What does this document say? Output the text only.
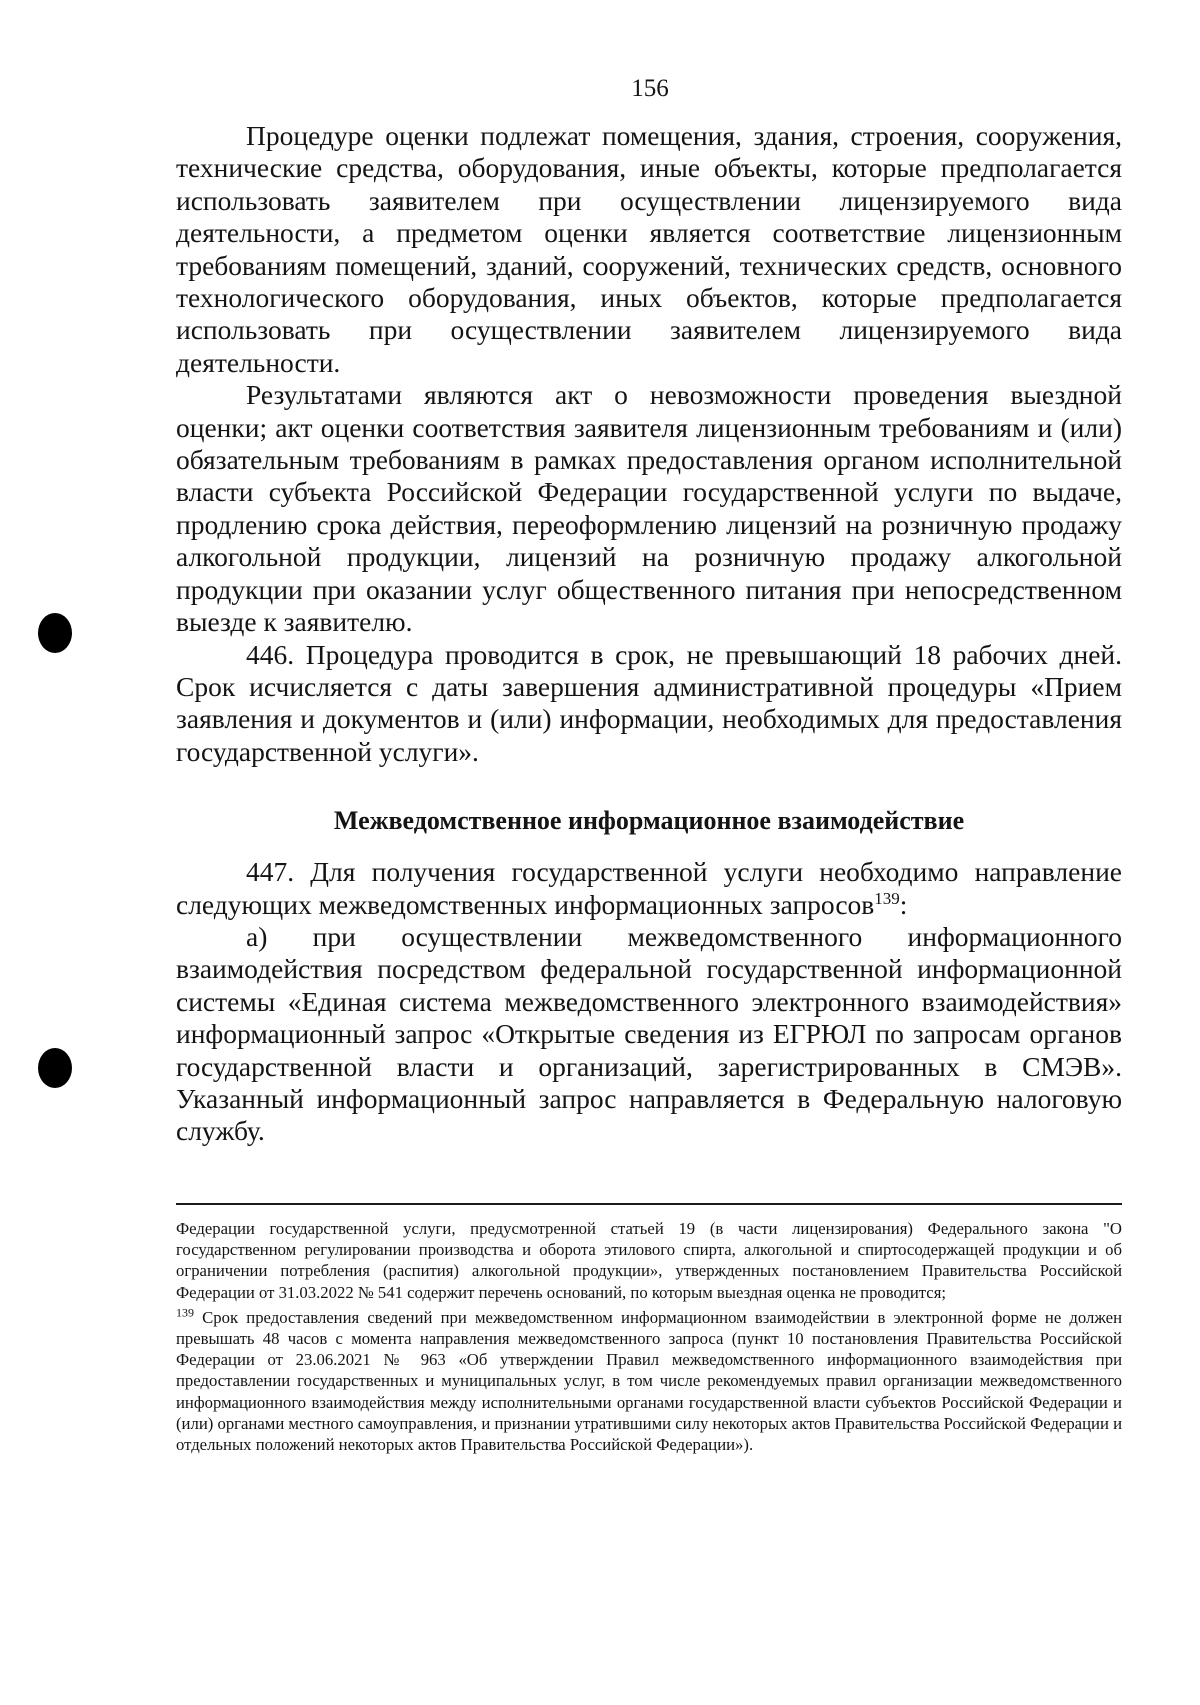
156

Процедуре оценки подлежат помещения, здания, строения, сооружения, технические средства, оборудования, иные объекты, которые предполагается использовать заявителем при осуществлении лицензируемого вида деятельности, а предметом оценки является соответствие лицензионным требованиям помещений, зданий, сооружений, технических средств, основного технологического оборудования, иных объектов, которые предполагается использовать при осуществлении заявителем лицензируемого вида деятельности.

Результатами являются акт о невозможности проведения выездной оценки; акт оценки соответствия заявителя лицензионным требованиям и (или) обязательным требованиям в рамках предоставления органом исполнительной власти субъекта Российской Федерации государственной услуги по выдаче, продлению срока действия, переоформлению лицензий на розничную продажу алкогольной продукции, лицензий на розничную продажу алкогольной продукции при оказании услуг общественного питания при непосредственном выезде к заявителю.

446. Процедура проводится в срок, не превышающий 18 рабочих дней. Срок исчисляется с даты завершения административной процедуры «Прием заявления и документов и (или) информации, необходимых для предоставления государственной услуги».

Межведомственное информационное взаимодействие

447. Для получения государственной услуги необходимо направление следующих межведомственных информационных запросов$^{139}$:

а) при осуществлении межведомственного информационного взаимодействия посредством федеральной государственной информационной системы «Единая система межведомственного электронного взаимодействия» информационный запрос «Открытые сведения из ЕГРЮЛ по запросам органов государственной власти и организаций, зарегистрированных в СМЭВ». Указанный информационный запрос направляется в Федеральную налоговую службу.

Федерации государственной услуги, предусмотренной статьей 19 (в части лицензирования) Федерального закона "О государственном регулировании производства и оборота этилового спирта, алкогольной и спиртосодержащей продукции и об ограничении потребления (распития) алкогольной продукции», утвержденных постановлением Правительства Российской Федерации от 31.03.2022 № 541 содержит перечень оснований, по которым выездная оценка не проводится;

$^{139}$ Срок предоставления сведений при межведомственном информационном взаимодействии в электронной форме не должен превышать 48 часов с момента направления межведомственного запроса (пункт 10 постановления Правительства Российской Федерации от 23.06.2021 № 963 «Об утверждении Правил межведомственного информационного взаимодействия при предоставлении государственных и муниципальных услуг, в том числе рекомендуемых правил организации межведомственного информационного взаимодействия между исполнительными органами государственной власти субъектов Российской Федерации и (или) органами местного самоуправления, и признании утратившими силу некоторых актов Правительства Российской Федерации и отдельных положений некоторых актов Правительства Российской Федерации»).
